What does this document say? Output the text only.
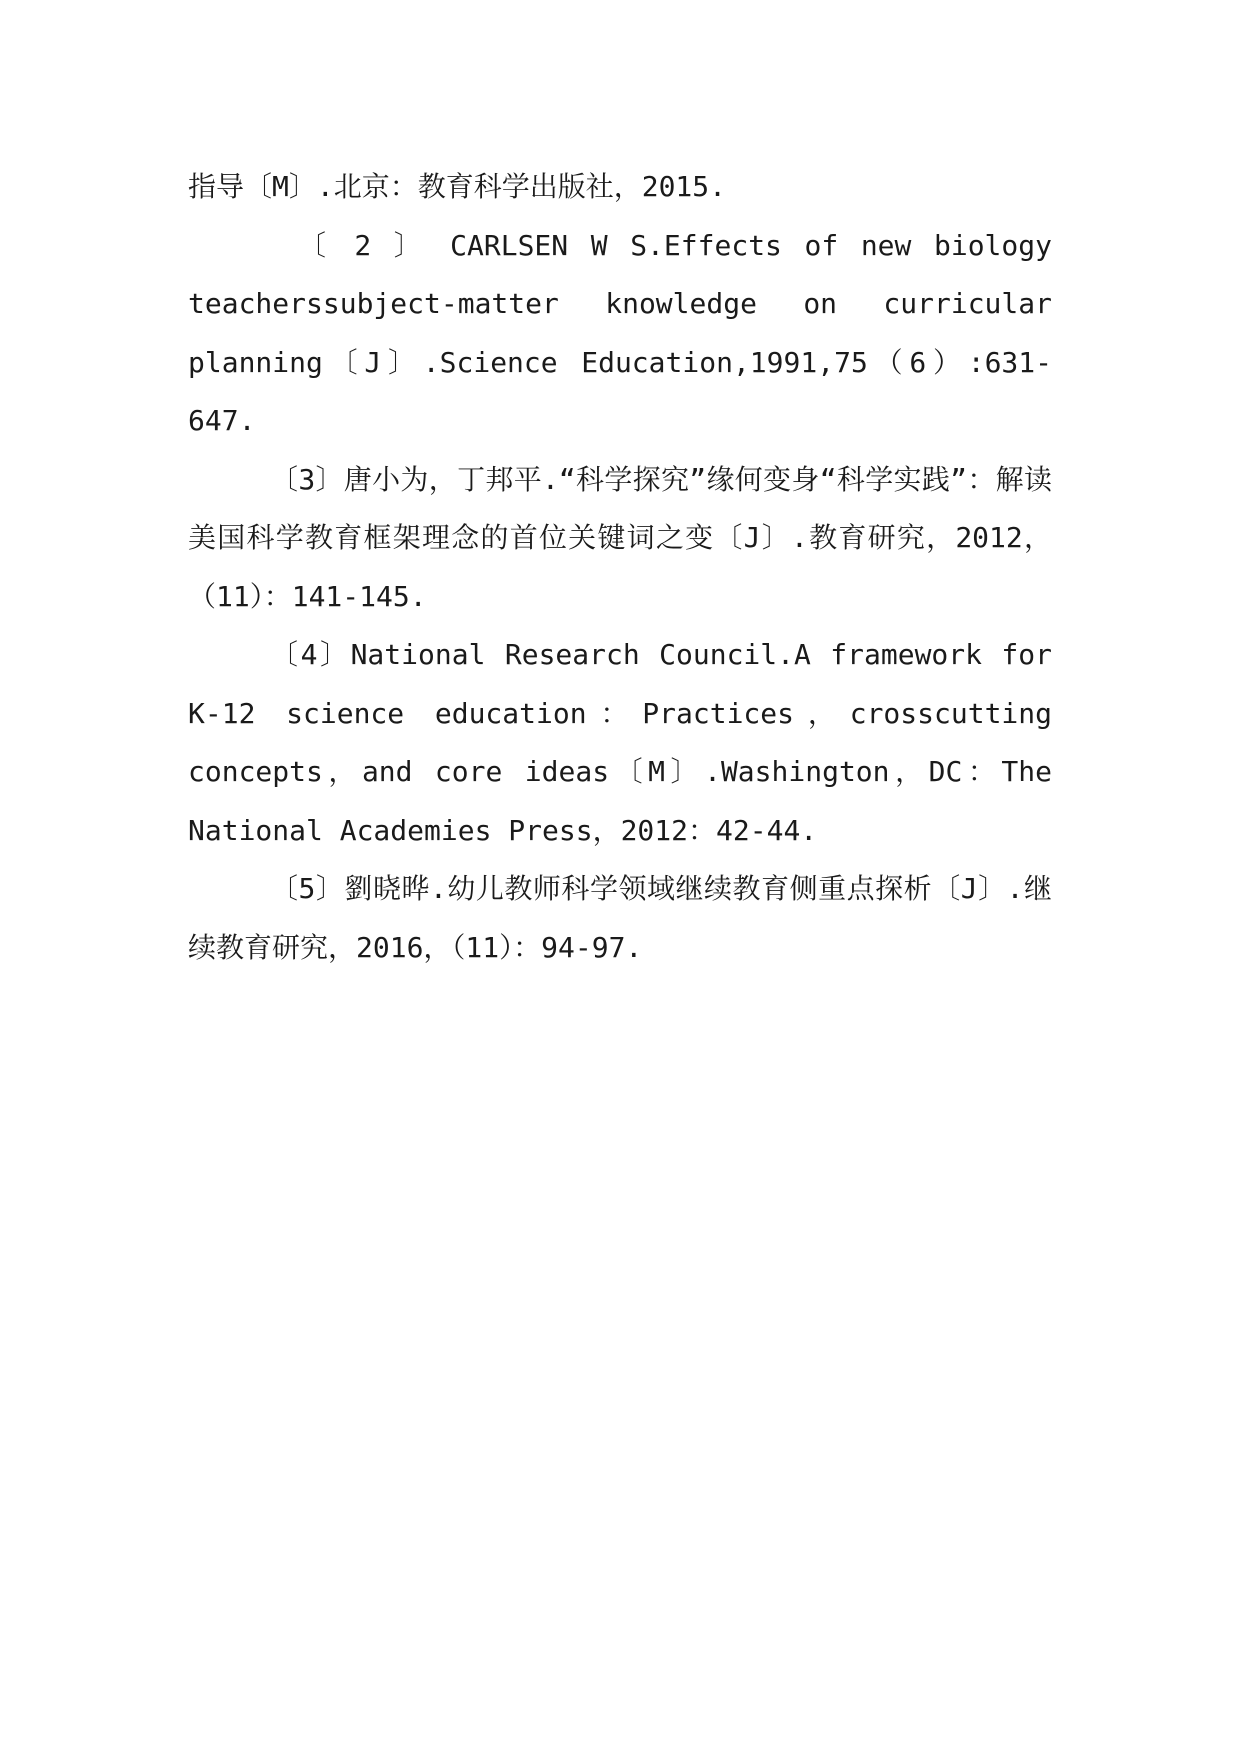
指导〔M〕.北京：教育科学出版社，2015.

〔 2 〕 CARLSEN W S.Effects of new biology teacherssubject-matter knowledge on curricular planning〔J〕.Science Education,1991,75（6）:631-647.

〔3〕唐小为，丁邦平.“科学探究”缘何变身“科学实践”：解读美国科学教育框架理念的首位关键词之变〔J〕.教育研究，2012，（11）：141-145.

〔4〕National Research Council.A framework for K-12 science education：Practices，crosscutting concepts，and core ideas〔M〕.Washington，DC：The National Academies Press，2012：42-44.

〔5〕劉晓晔.幼儿教师科学领域继续教育侧重点探析〔J〕.继续教育研究，2016，（11）：94-97.
